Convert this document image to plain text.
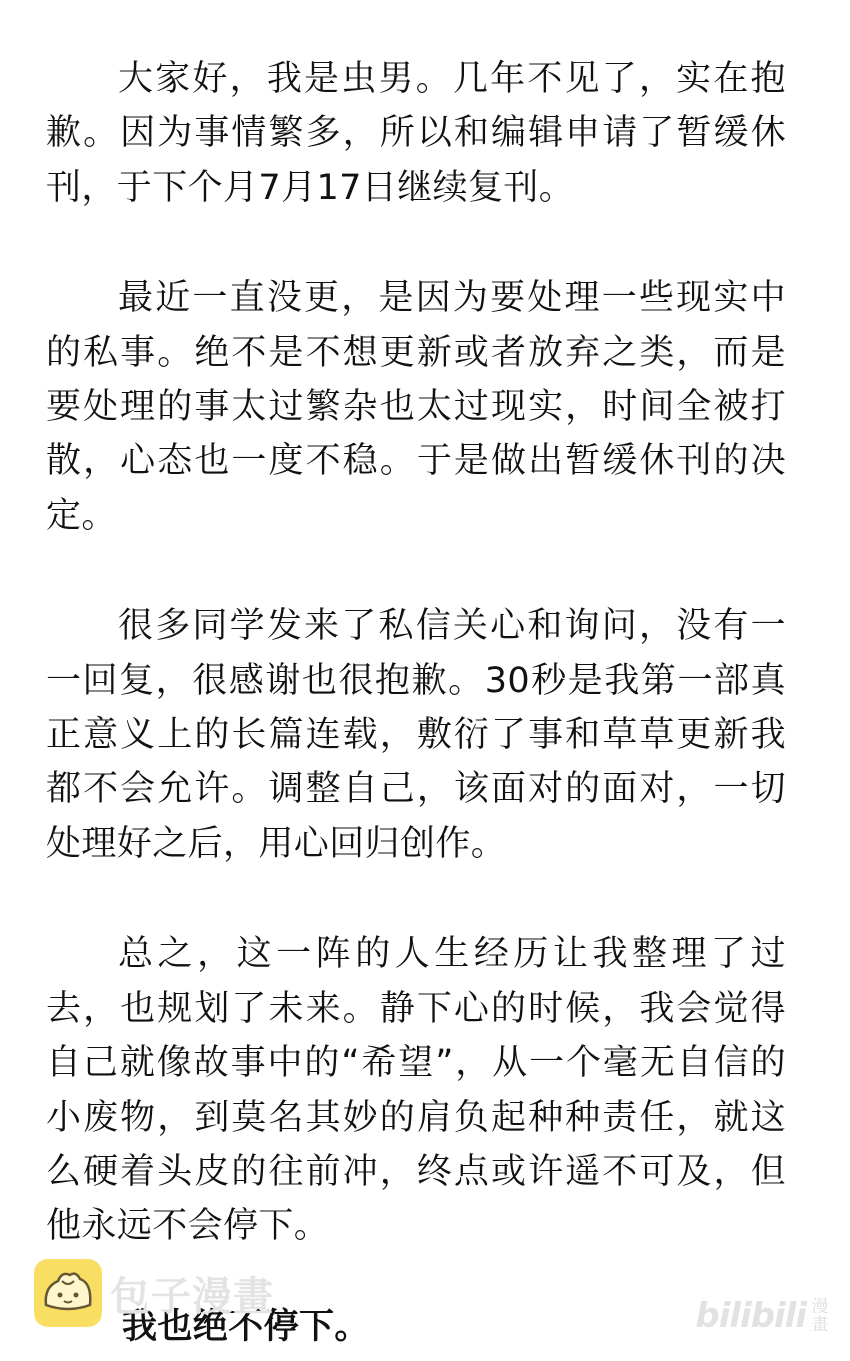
大家好，我是虫男。几年不见了，实在抱歉。因为事情繁多，所以和编辑申请了暂缓休刊，于下个月7月17日继续复刊。

最近一直没更，是因为要处理一些现实中的私事。绝不是不想更新或者放弃之类，而是要处理的事太过繁杂也太过现实，时间全被打散，心态也一度不稳。于是做出暂缓休刊的决定。

很多同学发来了私信关心和询问，没有一一回复，很感谢也很抱歉。30秒是我第一部真正意义上的长篇连载，敷衍了事和草草更新我都不会允许。调整自己，该面对的面对，一切处理好之后，用心回归创作。

总之，这一阵的人生经历让我整理了过去，也规划了未来。静下心的时候，我会觉得自己就像故事中的“希望”，从一个毫无自信的小废物，到莫名其妙的肩负起种种责任，就这么硬着头皮的往前冲，终点或许遥不可及，但他永远不会停下。

我也绝不停下。

包子漫畫	bilibili 漫畫
